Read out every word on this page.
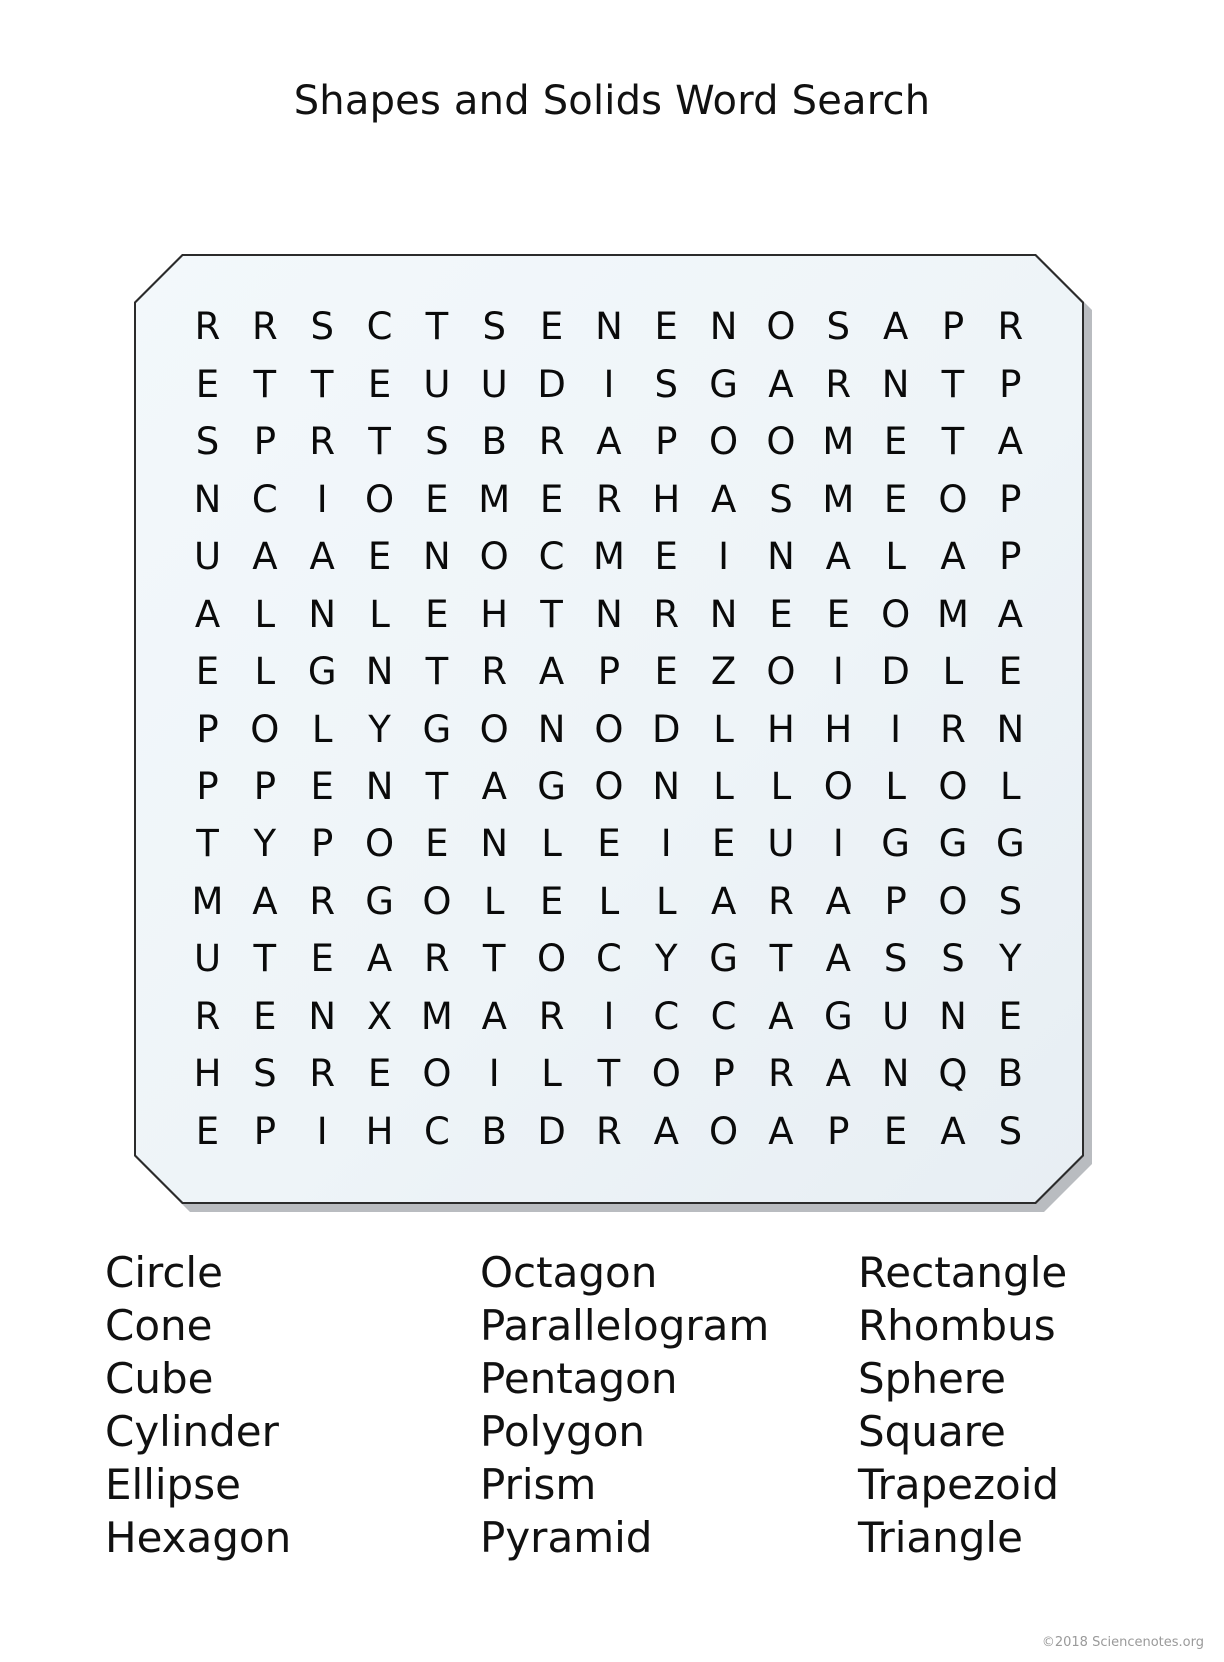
Shapes and Solids Word Search
R R S C T S E N E N O S A P R
E T T E U U D	I	S G A R N T P
S P R T S B R A P O O M E T A
N C	I	O E M E R H A S M E O P
U A A E N O C M E	I	N A L A P
A L N L E H T N R N E E O M A
E L G N T R A P E Z O	I	D L E
P O L Y G O N O D L H H	I	R N
P P E N T A G O N L L O L O L
T Y P O E N L E	I	E U	I	G G G
M A R G O L E L L A R A P O S
U T E A R T O C Y G T A S S Y
R E N X M A R	I	C C A G U N E
H S R E O	I	L T O P R A N Q B
E P	I	H C B D R A O A P E A S
Circle
Cone
Cube
Cylinder
Ellipse
Hexagon
Octagon
Parallelogram
Pentagon
Polygon
Prism
Pyramid
Rectangle
Rhombus
Sphere
Square
Trapezoid
Triangle
©2018 Sciencenotes.org
